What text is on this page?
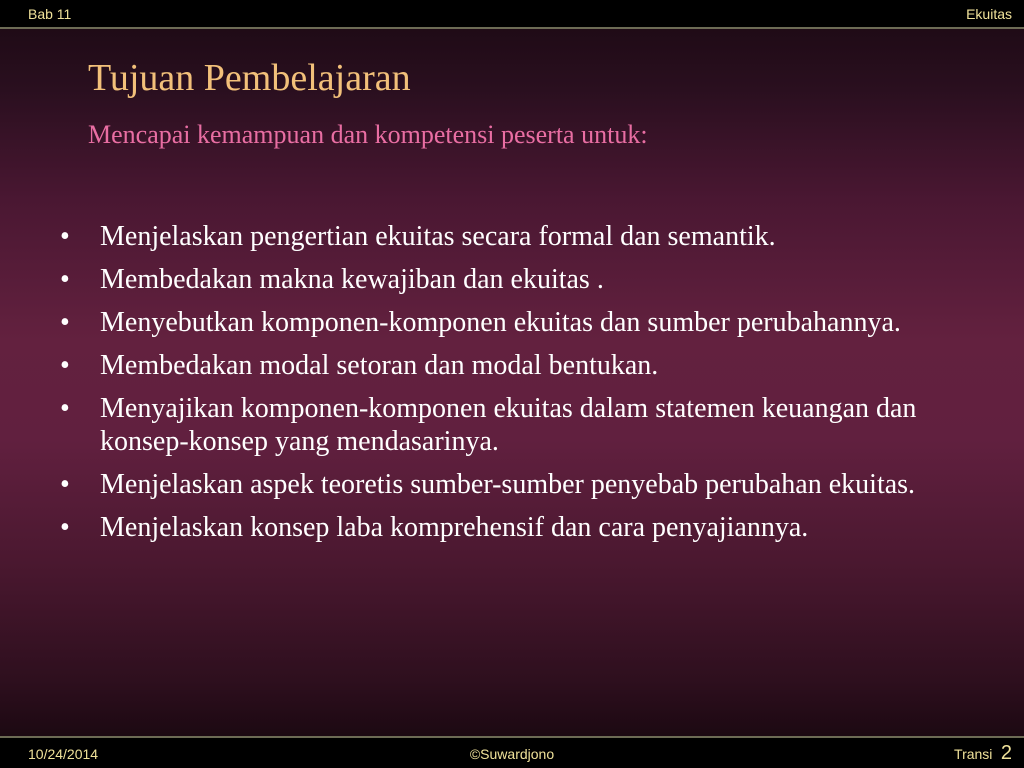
Bab 11	Ekuitas
Tujuan Pembelajaran
Mencapai kemampuan dan kompetensi peserta untuk:
• Menjelaskan pengertian ekuitas secara formal dan semantik.
• Membedakan makna kewajiban dan ekuitas .
• Menyebutkan komponen-komponen ekuitas dan sumber perubahannya.
• Membedakan modal setoran dan modal bentukan.
• Menyajikan komponen-komponen ekuitas dalam statemen keuangan dan konsep-konsep yang mendasarinya.
• Menjelaskan aspek teoretis sumber-sumber penyebab perubahan ekuitas.
• Menjelaskan konsep laba komprehensif dan cara penyajiannya.
10/24/2014	©Suwardjono	Transi 2
